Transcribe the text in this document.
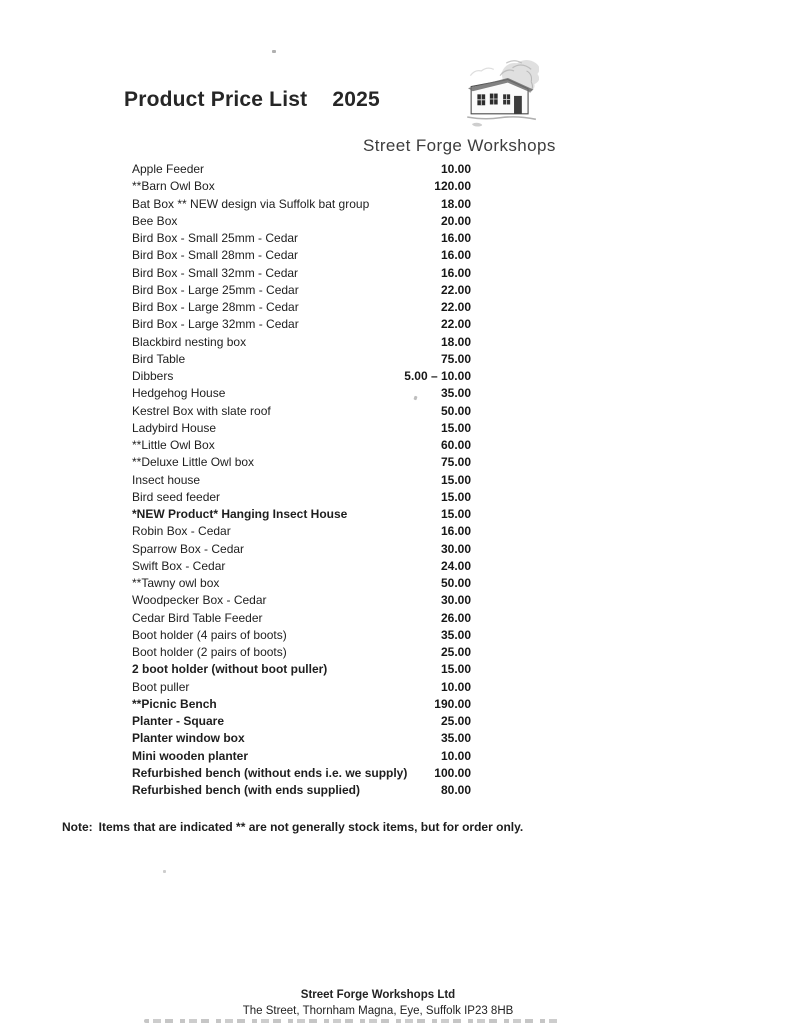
Product Price List 2025
Street Forge Workshops
Apple Feeder	10.00
**Barn Owl Box	120.00
Bat Box ** NEW design via Suffolk bat group	18.00
Bee Box	20.00
Bird Box - Small 25mm - Cedar	16.00
Bird Box - Small 28mm - Cedar	16.00
Bird Box - Small 32mm - Cedar	16.00
Bird Box - Large 25mm - Cedar	22.00
Bird Box - Large 28mm - Cedar	22.00
Bird Box - Large 32mm - Cedar	22.00
Blackbird nesting box	18.00
Bird Table	75.00
Dibbers	5.00 – 10.00
Hedgehog House	35.00
Kestrel Box with slate roof	50.00
Ladybird House	15.00
**Little Owl Box	60.00
**Deluxe Little Owl box	75.00
Insect house	15.00
Bird seed feeder	15.00
*NEW Product* Hanging Insect House	15.00
Robin Box - Cedar	16.00
Sparrow Box - Cedar	30.00
Swift Box - Cedar	24.00
**Tawny owl box	50.00
Woodpecker Box - Cedar	30.00
Cedar Bird Table Feeder	26.00
Boot holder (4 pairs of boots)	35.00
Boot holder (2 pairs of boots)	25.00
2 boot holder (without boot puller)	15.00
Boot puller	10.00
**Picnic Bench	190.00
Planter - Square	25.00
Planter window box	35.00
Mini wooden planter	10.00
Refurbished bench (without ends i.e. we supply) 100.00
Refurbished bench (with ends supplied)	80.00
Note: Items that are indicated ** are not generally stock items, but for order only.
Street Forge Workshops Ltd
The Street, Thornham Magna, Eye, Suffolk IP23 8HB
